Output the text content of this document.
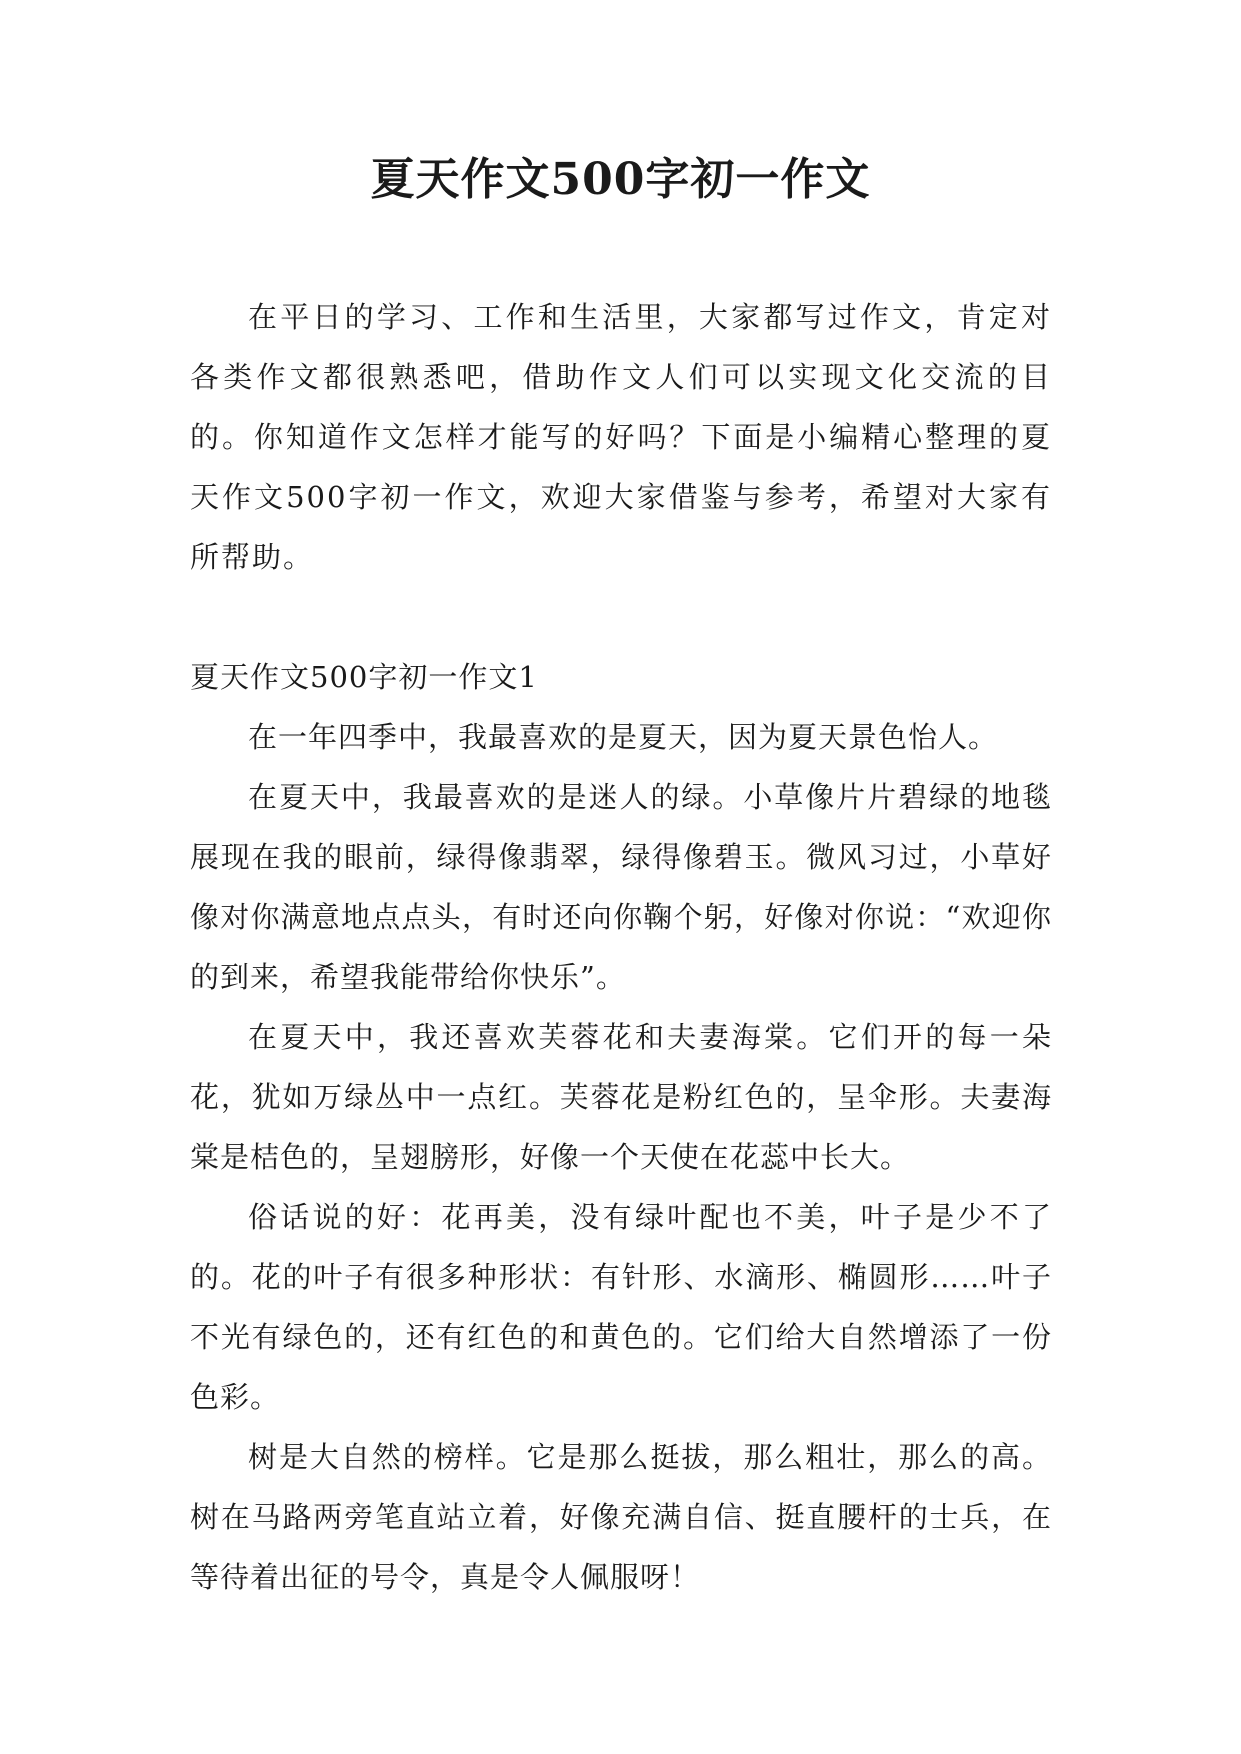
夏天作文500字初一作文

在平日的学习、工作和生活里，大家都写过作文，肯定对各类作文都很熟悉吧，借助作文人们可以实现文化交流的目的。你知道作文怎样才能写的好吗？下面是小编精心整理的夏天作文500字初一作文，欢迎大家借鉴与参考，希望对大家有所帮助。

夏天作文500字初一作文1

在一年四季中，我最喜欢的是夏天，因为夏天景色怡人。

在夏天中，我最喜欢的是迷人的绿。小草像片片碧绿的地毯展现在我的眼前，绿得像翡翠，绿得像碧玉。微风习过，小草好像对你满意地点点头，有时还向你鞠个躬，好像对你说：“欢迎你的到来，希望我能带给你快乐”。

在夏天中，我还喜欢芙蓉花和夫妻海棠。它们开的每一朵花，犹如万绿丛中一点红。芙蓉花是粉红色的，呈伞形。夫妻海棠是桔色的，呈翅膀形，好像一个天使在花蕊中长大。

俗话说的好：花再美，没有绿叶配也不美，叶子是少不了的。花的叶子有很多种形状：有针形、水滴形、椭圆形……叶子不光有绿色的，还有红色的和黄色的。它们给大自然增添了一份色彩。

树是大自然的榜样。它是那么挺拔，那么粗壮，那么的高。树在马路两旁笔直站立着，好像充满自信、挺直腰杆的士兵，在等待着出征的号令，真是令人佩服呀！
